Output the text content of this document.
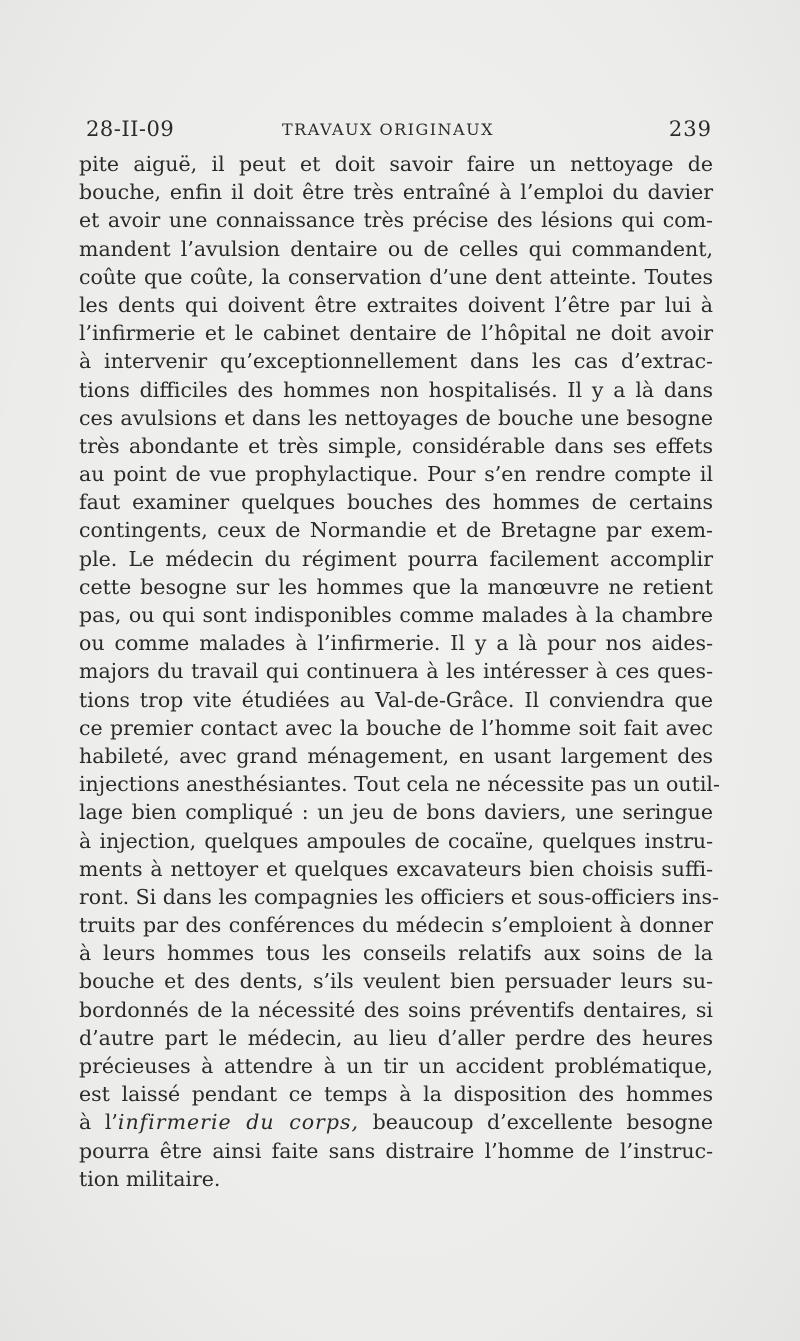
28-II-09	TRAVAUX ORIGINAUX	239
pite aiguë, il peut et doit savoir faire un nettoyage de
bouche, enfin il doit être très entraîné à l’emploi du davier
et avoir une connaissance très précise des lésions qui com-
mandent l’avulsion dentaire ou de celles qui commandent,
coûte que coûte, la conservation d’une dent atteinte. Toutes
les dents qui doivent être extraites doivent l’être par lui à
l’infirmerie et le cabinet dentaire de l’hôpital ne doit avoir
à intervenir qu’exceptionnellement dans les cas d’extrac-
tions difficiles des hommes non hospitalisés. Il y a là dans
ces avulsions et dans les nettoyages de bouche une besogne
très abondante et très simple, considérable dans ses effets
au point de vue prophylactique. Pour s’en rendre compte il
faut examiner quelques bouches des hommes de certains
contingents, ceux de Normandie et de Bretagne par exem-
ple. Le médecin du régiment pourra facilement accomplir
cette besogne sur les hommes que la manœuvre ne retient
pas, ou qui sont indisponibles comme malades à la chambre
ou comme malades à l’infirmerie. Il y a là pour nos aides-
majors du travail qui continuera à les intéresser à ces ques-
tions trop vite étudiées au Val-de-Grâce. Il conviendra que
ce premier contact avec la bouche de l’homme soit fait avec
habileté, avec grand ménagement, en usant largement des
injections anesthésiantes. Tout cela ne nécessite pas un outil-
lage bien compliqué : un jeu de bons daviers, une seringue
à injection, quelques ampoules de cocaïne, quelques instru-
ments à nettoyer et quelques excavateurs bien choisis suffi-
ront. Si dans les compagnies les officiers et sous-officiers ins-
truits par des conférences du médecin s’emploient à donner
à leurs hommes tous les conseils relatifs aux soins de la
bouche et des dents, s’ils veulent bien persuader leurs su-
bordonnés de la nécessité des soins préventifs dentaires, si
d’autre part le médecin, au lieu d’aller perdre des heures
précieuses à attendre à un tir un accident problématique,
est laissé pendant ce temps à la disposition des hommes
à l’infirmerie du corps, beaucoup d’excellente besogne
pourra être ainsi faite sans distraire l’homme de l’instruc-
tion militaire.
